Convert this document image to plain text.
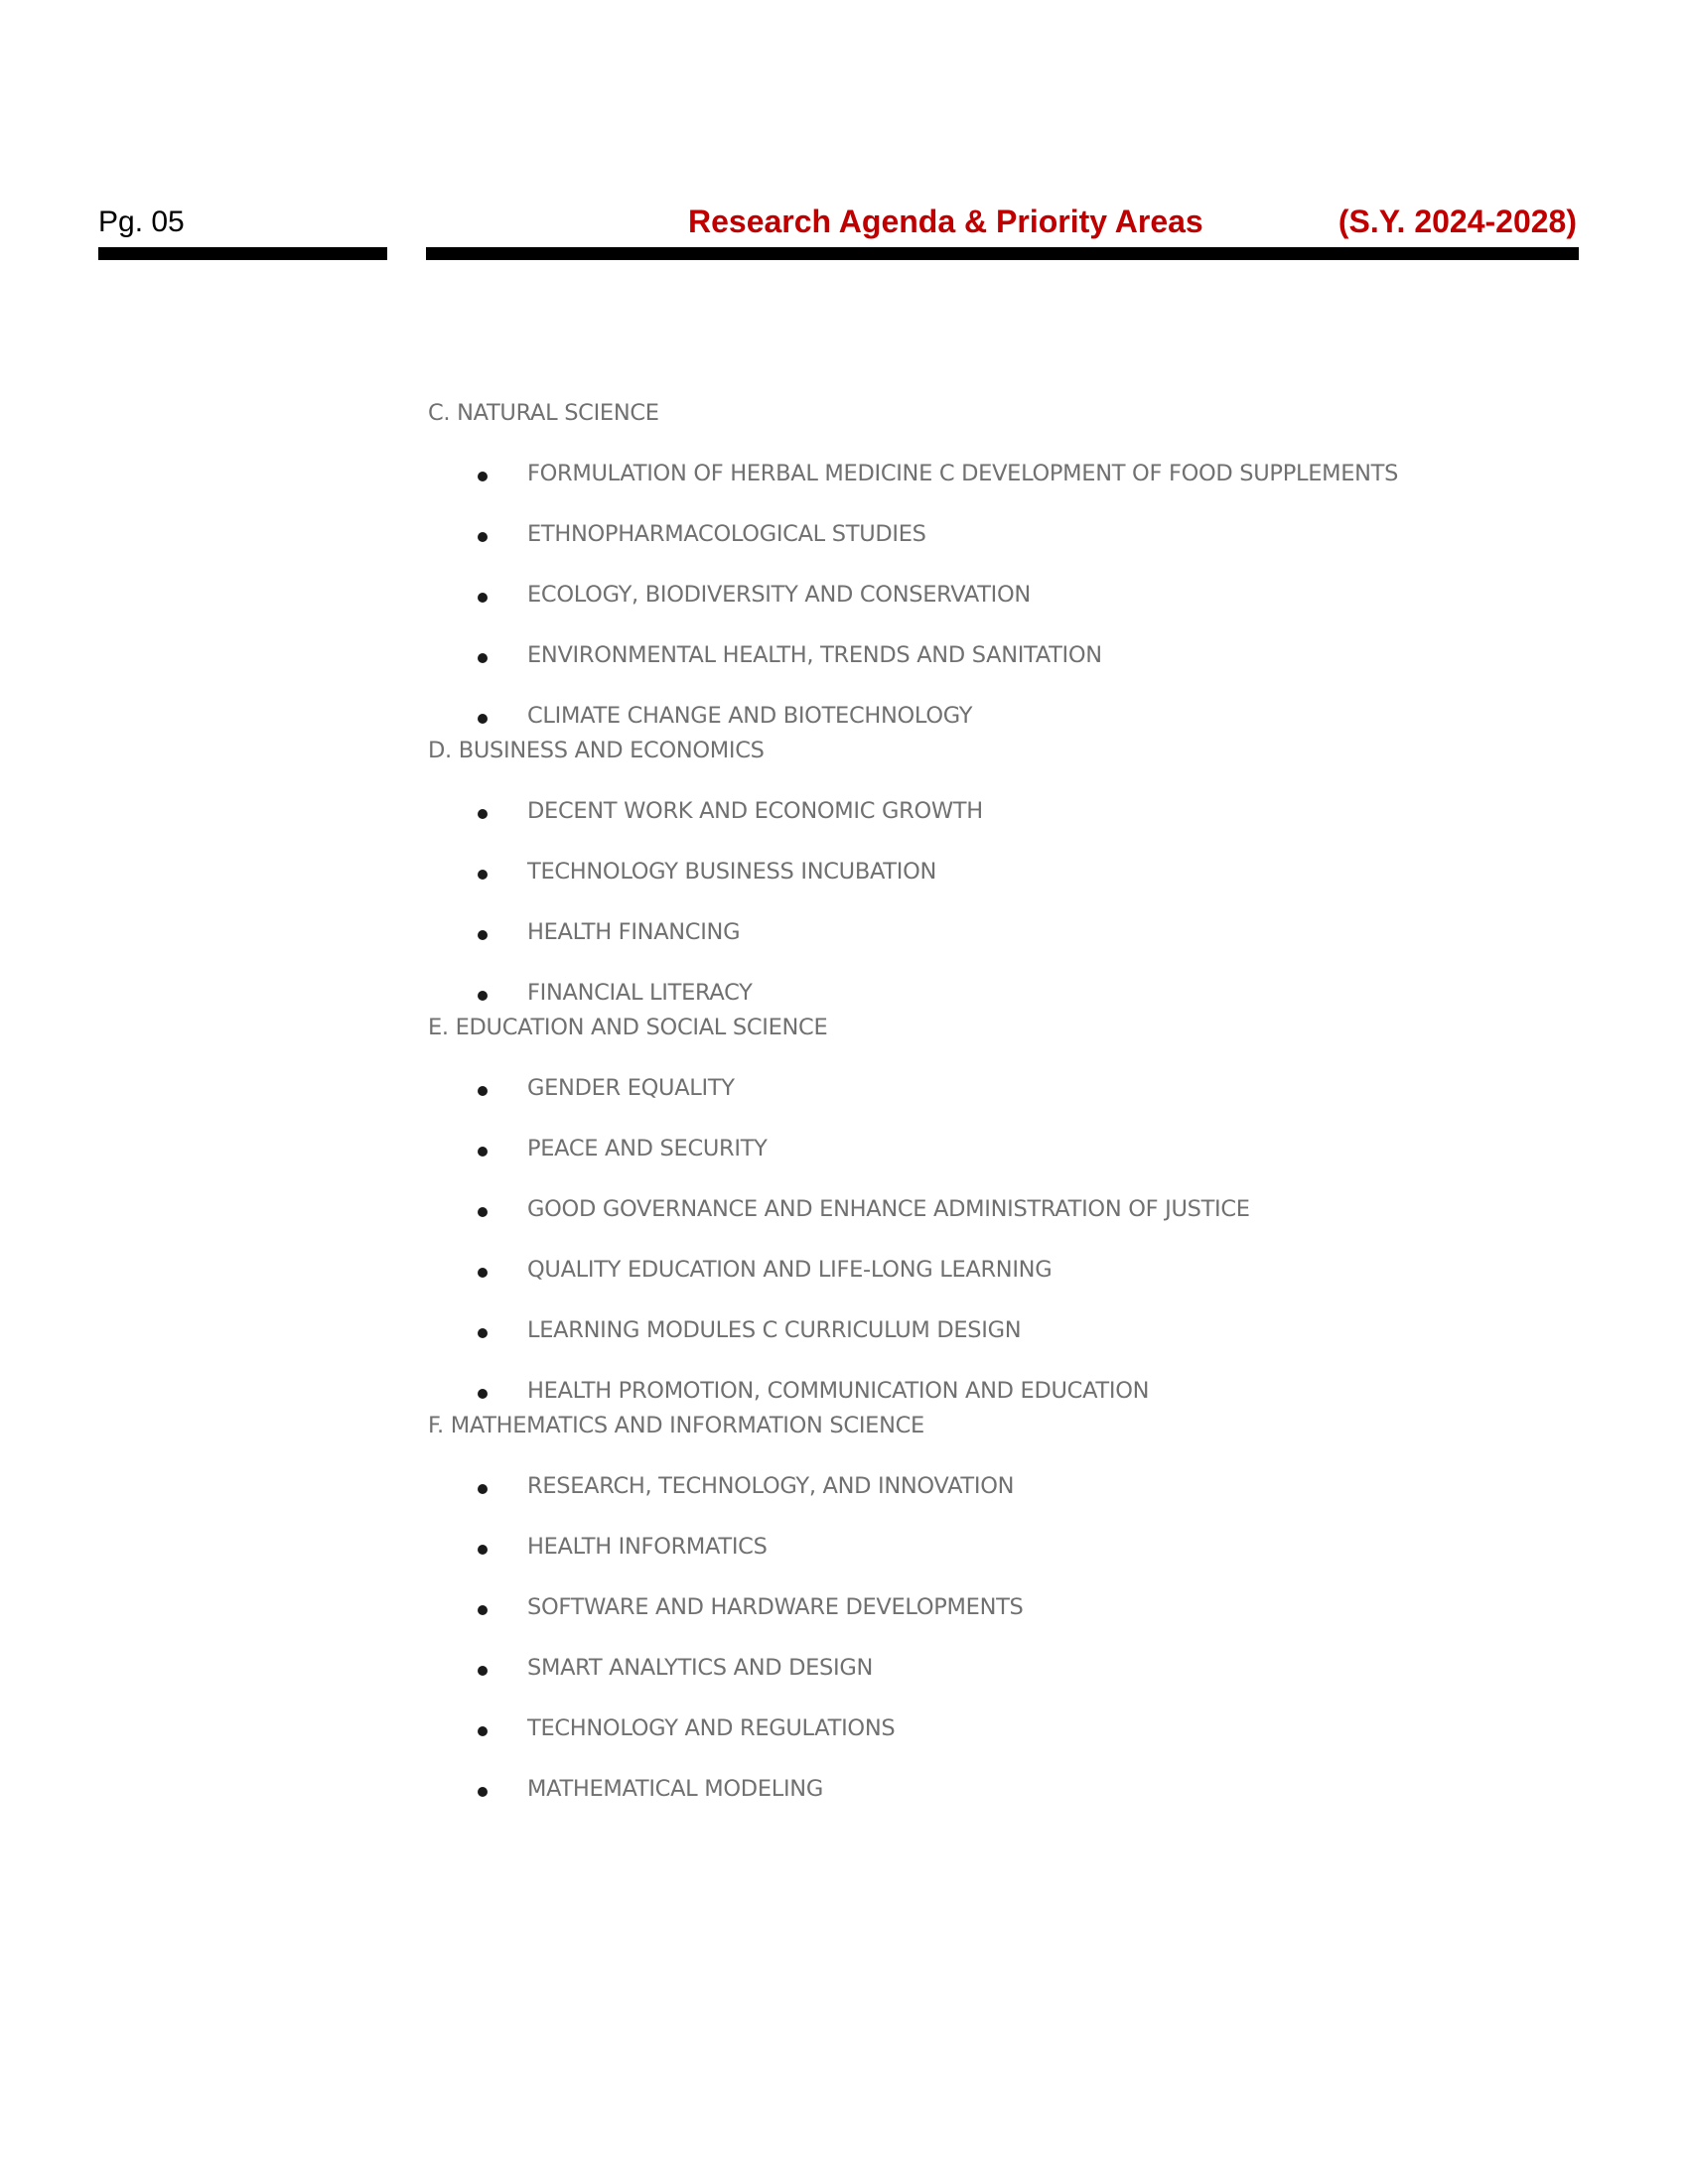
Pg. 05	Research Agenda & Priority Areas	(S.Y. 2024-2028)
C. NATURAL SCIENCE
FORMULATION OF HERBAL MEDICINE C DEVELOPMENT OF FOOD SUPPLEMENTS
ETHNOPHARMACOLOGICAL STUDIES
ECOLOGY, BIODIVERSITY AND CONSERVATION
ENVIRONMENTAL HEALTH, TRENDS AND SANITATION
CLIMATE CHANGE AND BIOTECHNOLOGY
D. BUSINESS AND ECONOMICS
DECENT WORK AND ECONOMIC GROWTH
TECHNOLOGY BUSINESS INCUBATION
HEALTH FINANCING
FINANCIAL LITERACY
E. EDUCATION AND SOCIAL SCIENCE
GENDER EQUALITY
PEACE AND SECURITY
GOOD GOVERNANCE AND ENHANCE ADMINISTRATION OF JUSTICE
QUALITY EDUCATION AND LIFE-LONG LEARNING
LEARNING MODULES C CURRICULUM DESIGN
HEALTH PROMOTION, COMMUNICATION AND EDUCATION
F. MATHEMATICS AND INFORMATION SCIENCE
RESEARCH, TECHNOLOGY, AND INNOVATION
HEALTH INFORMATICS
SOFTWARE AND HARDWARE DEVELOPMENTS
SMART ANALYTICS AND DESIGN
TECHNOLOGY AND REGULATIONS
MATHEMATICAL MODELING
